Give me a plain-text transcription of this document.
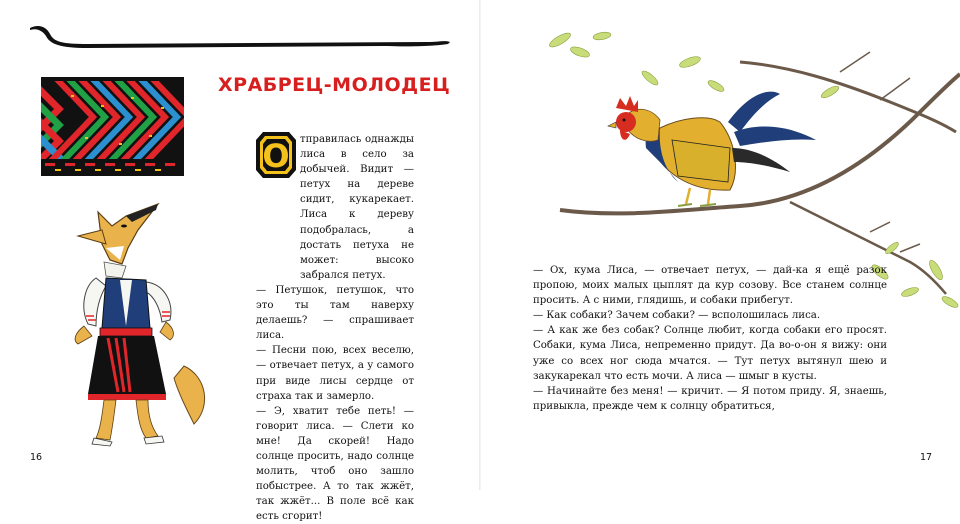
ХРАБРЕЦ-МОЛОДЕЦ
О	тправилась однажды лиса в село за добычей. Видит — петух на дереве сидит, кукарекает. Лиса к дереву подобралась, а достать петуха не может: высоко забрался петух.

— Петушок, петушок, что это ты там наверху делаешь? — спрашивает лиса.

— Песни пою, всех веселю, — отвечает петух, а у самого при виде лисы сердце от страха так и замерло.

— Э, хватит тебе петь! — говорит лиса. — Слети ко мне! Да скорей! Надо солнце просить, надо солнце молить, чтоб оно зашло побыстрее. А то так жжёт, так жжёт... В поле всё как есть сгорит!

— Ох, кума Лиса, — отвечает петух, — дай-ка я ещё разок пропою, моих малых цыплят да кур созову. Все станем солнце просить. А с ними, глядишь, и собаки прибегут.

— Как собаки? Зачем собаки? — всполошилась лиса.

— А как же без собак? Солнце любит, когда собаки его просят. Собаки, кума Лиса, непременно придут. Да во-о-он я вижу: они уже со всех ног сюда мчатся. — Тут петух вытянул шею и закукарекал что есть мочи. А лиса — шмыг в кусты.

— Начинайте без меня! — кричит. — Я потом приду. Я, знаешь, привыкла, прежде чем к солнцу обратиться,

16	17
